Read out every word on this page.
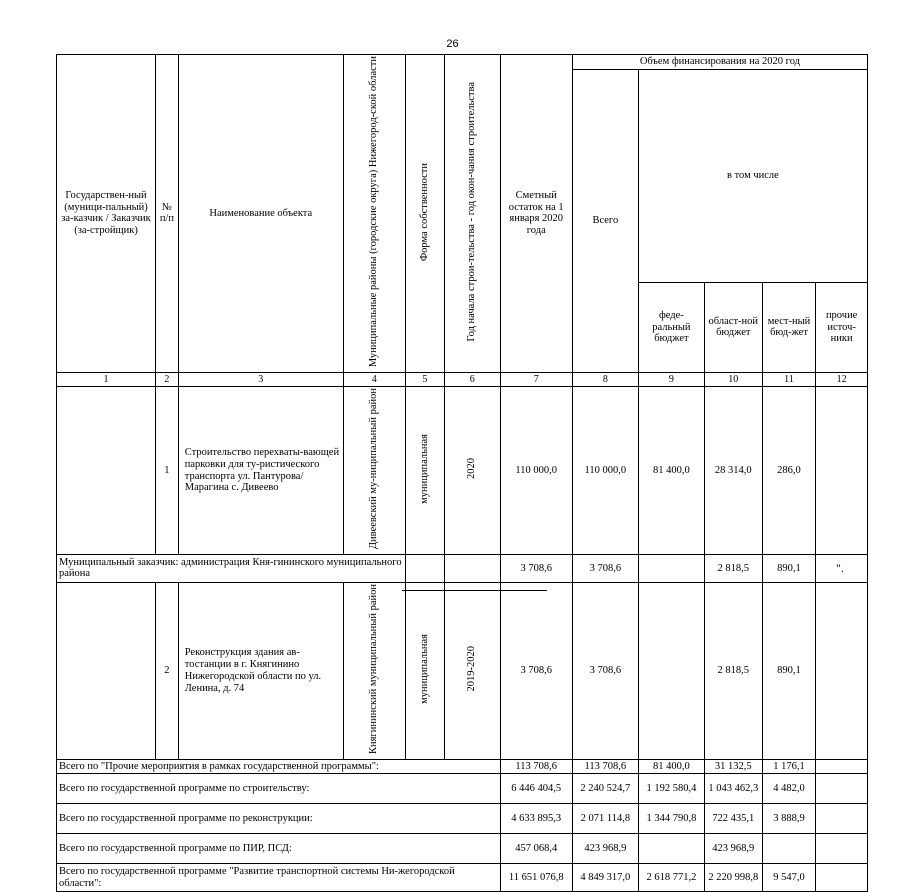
26
Государствен-ный (муници-пальный) за-казчик / Заказчик (за-стройщик)	№ п/п	Наименование объекта	Муниципальные районы (городские округа) Нижегород-ской области	Форма собственности	Год начала строи-тельства - год окон-чания строительства	Сметный остаток на 1 января 2020 года	Объем финансирования на 2020 год				
							Всего	в том числе			
								феде-ральный бюджет	област-ной бюджет	мест-ный бюд-жет	прочие источ-ники
1	2	3	4	5	6	7	8	9	10	11	12
	1	Строительство перехваты-вающей парковки для ту-ристического транспорта ул. Пантурова/Марагина с. Дивеево	Дивеевский му-ниципальный район	муниципальная	2020	110 000,0	110 000,0	81 400,0	28 314,0	286,0	
Муниципальный заказчик: администрация Кня-гининского муниципального района						3 708,6	3 708,6		2 818,5	890,1	
	2	Реконструкция здания ав-тостанции в г. Княгинино Нижегородской области по ул. Ленина, д. 74	Княгининский муниципальный район	муниципальная	2019-2020	3 708,6	3 708,6		2 818,5	890,1	
Всего по "Прочие мероприятия в рамках государственной программы":						113 708,6	113 708,6	81 400,0	31 132,5	1 176,1	
Всего по государственной программе по строительству:						6 446 404,5	2 240 524,7	1 192 580,4	1 043 462,3	4 482,0	
Всего по государственной программе по реконструкции:						4 633 895,3	2 071 114,8	1 344 790,8	722 435,1	3 888,9	
Всего по государственной программе по ПИР, ПСД:						457 068,4	423 968,9		423 968,9		
Всего по государственной программе "Развитие транспортной системы Ни-жегородской области":						11 651 076,8	4 849 317,0	2 618 771,2	2 220 998,8	9 547,0	
".
